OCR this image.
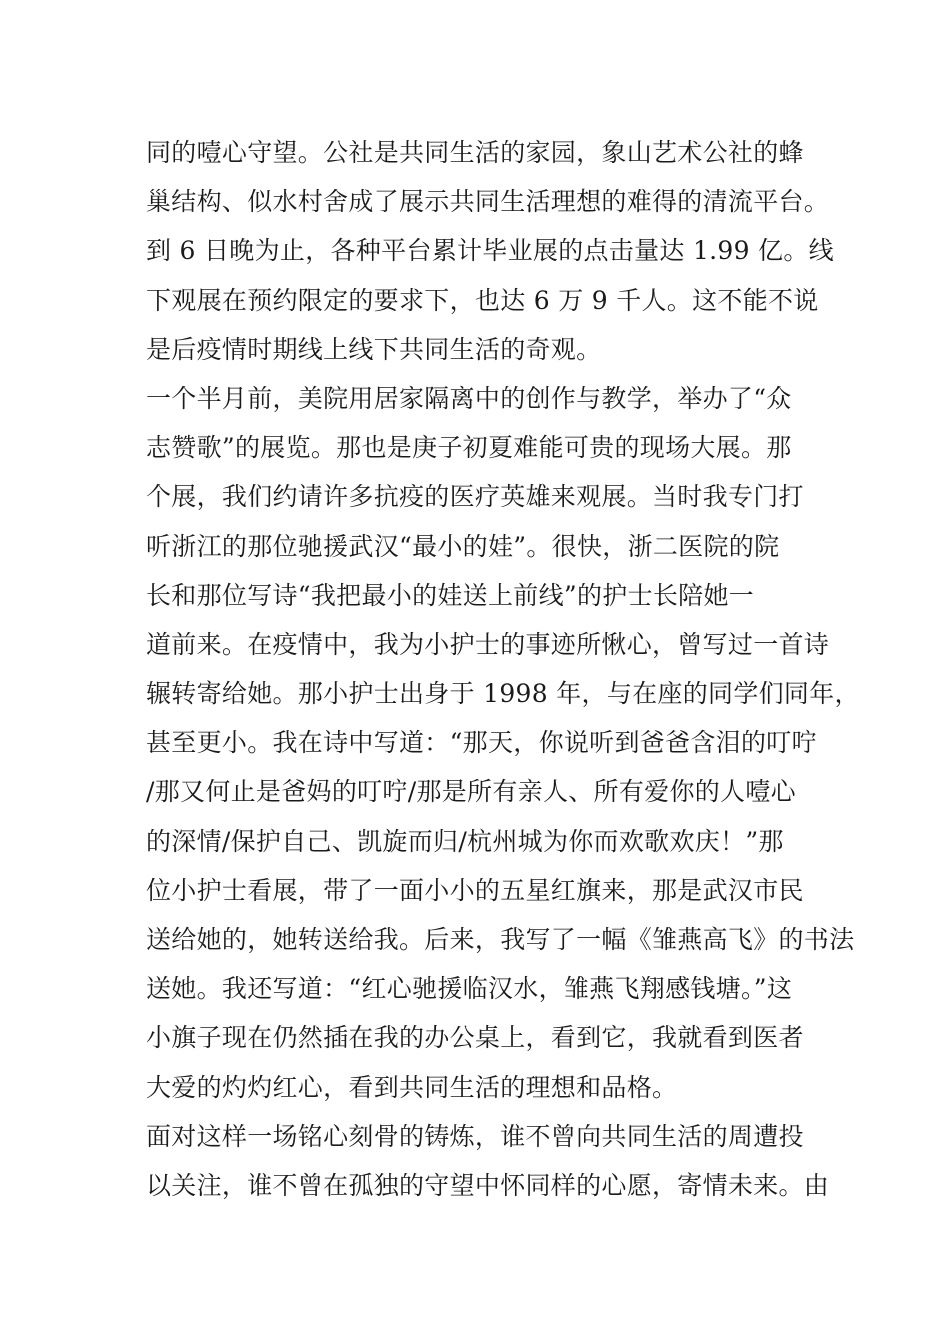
同的噎心守望。公社是共同生活的家园，象山艺术公社的蜂
巢结构、似水村舍成了展示共同生活理想的难得的清流平台。
到 6 日晚为止，各种平台累计毕业展的点击量达 1.99 亿。线
下观展在预约限定的要求下，也达 6 万 9 千人。这不能不说
是后疫情时期线上线下共同生活的奇观。
一个半月前，美院用居家隔离中的创作与教学，举办了“众
志赞歌”的展览。那也是庚子初夏难能可贵的现场大展。那
个展，我们约请许多抗疫的医疗英雄来观展。当时我专门打
听浙江的那位驰援武汉“最小的娃”。很快，浙二医院的院
长和那位写诗“我把最小的娃送上前线”的护士长陪她一
道前来。在疫情中，我为小护士的事迹所愀心，曾写过一首诗
辗转寄给她。那小护士出身于 1998 年，与在座的同学们同年，
甚至更小。我在诗中写道：“那天，你说听到爸爸含泪的叮咛
/那又何止是爸妈的叮咛/那是所有亲人、所有爱你的人噎心
的深情/保护自己、凯旋而归/杭州城为你而欢歌欢庆！”那
位小护士看展，带了一面小小的五星红旗来，那是武汉市民
送给她的，她转送给我。后来，我写了一幅《雏燕高飞》的书法
送她。我还写道：“红心驰援临汉水，雏燕飞翔感钱塘。”这
小旗子现在仍然插在我的办公桌上，看到它，我就看到医者
大爱的灼灼红心，看到共同生活的理想和品格。
面对这样一场铭心刻骨的铸炼，谁不曾向共同生活的周遭投
以关注，谁不曾在孤独的守望中怀同样的心愿，寄情未来。由
